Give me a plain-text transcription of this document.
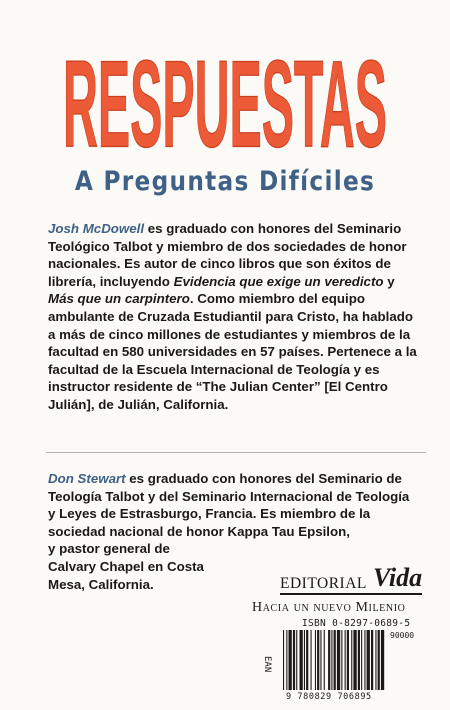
RESPUESTAS
A Preguntas Difíciles
Josh McDowell es graduado con honores del Seminario Teológico Talbot y miembro de dos sociedades de honor nacionales. Es autor de cinco libros que son éxitos de librería, incluyendo Evidencia que exige un veredicto y Más que un carpintero. Como miembro del equipo ambulante de Cruzada Estudiantil para Cristo, ha hablado a más de cinco millones de estudiantes y miembros de la facultad en 580 universidades en 57 países. Pertenece a la facultad de la Escuela Internacional de Teología y es instructor residente de “The Julian Center” [El Centro Julián], de Julián, California.
Don Stewart es graduado con honores del Seminario de Teología Talbot y del Seminario Internacional de Teología y Leyes de Estrasburgo, Francia. Es miembro de la sociedad nacional de honor Kappa Tau Epsilon,
y pastor general de
Calvary Chapel en Costa
Mesa, California.	EDITORIAL Vida
Hacia un nuevo Milenio
ISBN 0-8297-0689-5
90000
EAN
9 780829 706895
